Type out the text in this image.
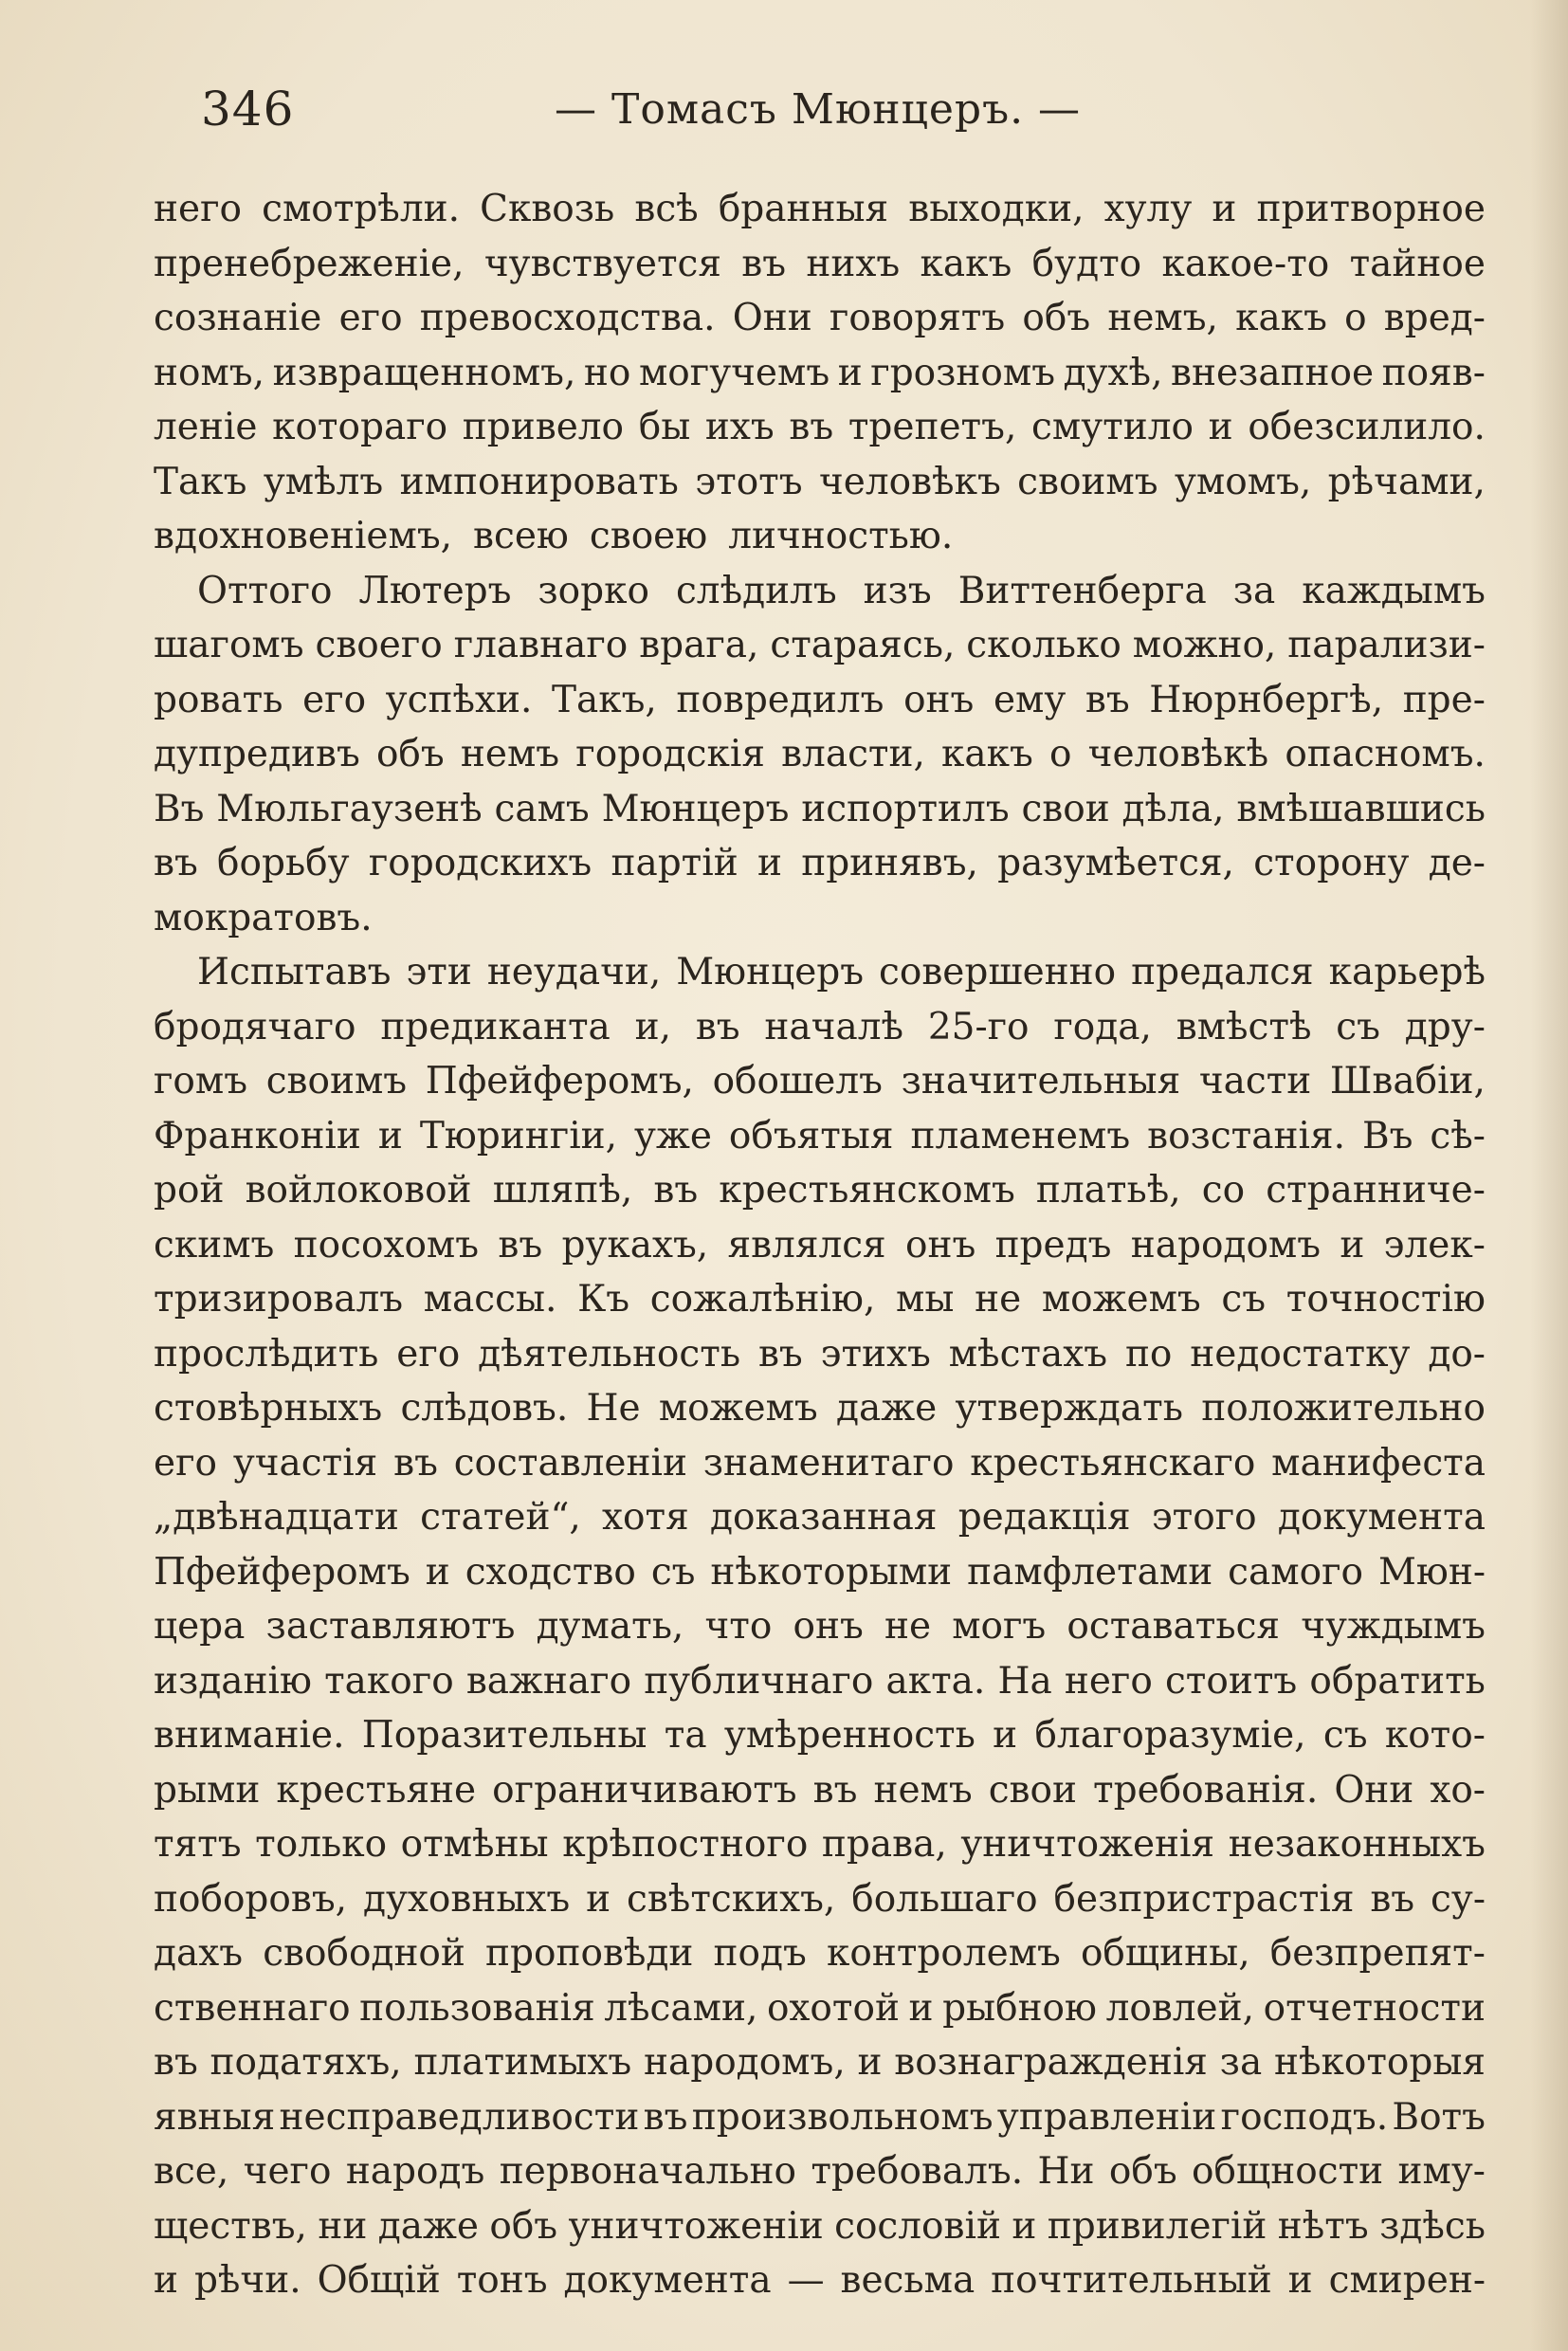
346	— Томасъ Мюнцеръ. —
него смотрѣли. Сквозь всѣ бранныя выходки, хулу и притворное
пренебреженіе, чувствуется въ нихъ какъ будто какое-то тайное
сознаніе его превосходства. Они говорятъ объ немъ, какъ о вред-
номъ, извращенномъ, но могучемъ и грозномъ духѣ, внезапное появ-
леніе котораго привело бы ихъ въ трепетъ, смутило и обезсилило.
Такъ умѣлъ импонировать этотъ человѣкъ своимъ умомъ, рѣчами,
вдохновеніемъ, всею своею личностью.
Оттого Лютеръ зорко слѣдилъ изъ Виттенберга за каждымъ
шагомъ своего главнаго врага, стараясь, сколько можно, парализи-
ровать его успѣхи. Такъ, повредилъ онъ ему въ Нюрнбергѣ, пре-
дупредивъ объ немъ городскія власти, какъ о человѣкѣ опасномъ.
Въ Мюльгаузенѣ самъ Мюнцеръ испортилъ свои дѣла, вмѣшавшись
въ борьбу городскихъ партій и принявъ, разумѣется, сторону де-
мократовъ.
Испытавъ эти неудачи, Мюнцеръ совершенно предался карьерѣ
бродячаго предиканта и, въ началѣ 25-го года, вмѣстѣ съ дру-
гомъ своимъ Пфейферомъ, обошелъ значительныя части Швабіи,
Франконіи и Тюрингіи, уже объятыя пламенемъ возстанія. Въ сѣ-
рой войлоковой шляпѣ, въ крестьянскомъ платьѣ, со странниче-
скимъ посохомъ въ рукахъ, являлся онъ предъ народомъ и элек-
тризировалъ массы. Къ сожалѣнію, мы не можемъ съ точностію
прослѣдить его дѣятельность въ этихъ мѣстахъ по недостатку до-
стовѣрныхъ слѣдовъ. Не можемъ даже утверждать положительно
его участія въ составленіи знаменитаго крестьянскаго манифеста
„двѣнадцати статей“, хотя доказанная редакція этого документа
Пфейферомъ и сходство съ нѣкоторыми памфлетами самого Мюн-
цера заставляютъ думать, что онъ не могъ оставаться чуждымъ
изданію такого важнаго публичнаго акта. На него стоитъ обратить
вниманіе. Поразительны та умѣренность и благоразуміе, съ кото-
рыми крестьяне ограничиваютъ въ немъ свои требованія. Они хо-
тятъ только отмѣны крѣпостного права, уничтоженія незаконныхъ
поборовъ, духовныхъ и свѣтскихъ, большаго безпристрастія въ су-
дахъ свободной проповѣди подъ контролемъ общины, безпрепят-
ственнаго пользованія лѣсами, охотой и рыбною ловлей, отчетности
въ податяхъ, платимыхъ народомъ, и вознагражденія за нѣкоторыя
явныя несправедливости въ произвольномъ управленіи господъ. Вотъ
все, чего народъ первоначально требовалъ. Ни объ общности иму-
ществъ, ни даже объ уничтоженіи сословій и привилегій нѣтъ здѣсь
и рѣчи. Общій тонъ документа — весьма почтительный и смирен-
